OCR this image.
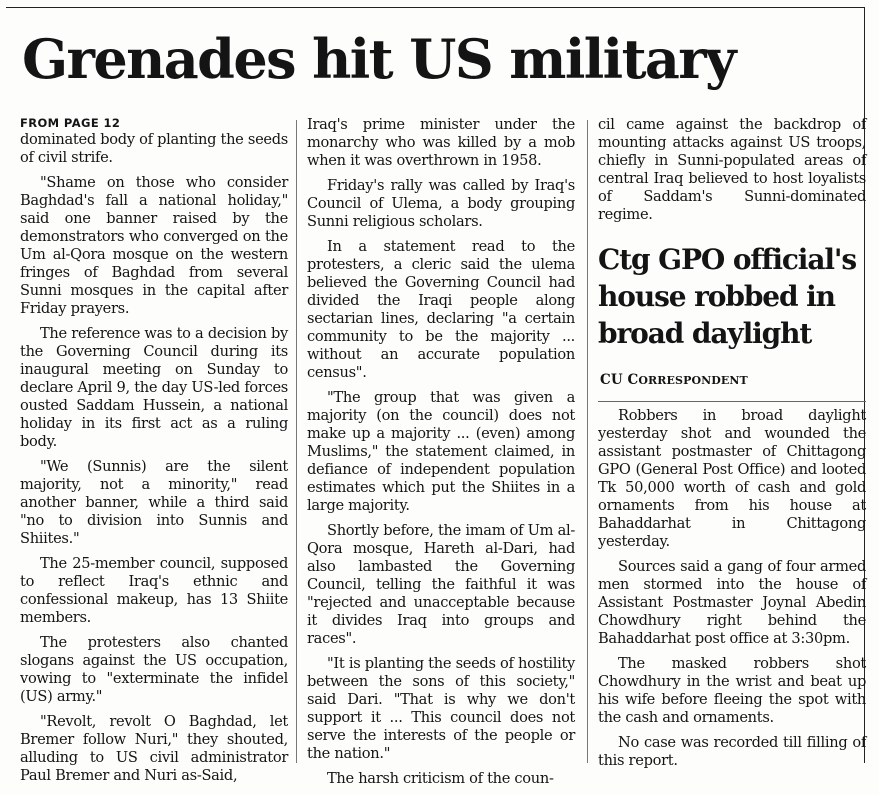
Grenades hit US military
FROM PAGE 12

dominated body of planting the seeds of civil strife.

"Shame on those who consider Baghdad's fall a national holiday," said one banner raised by the demonstrators who converged on the Um al-Qora mosque on the western fringes of Baghdad from several Sunni mosques in the capital after Friday prayers.

The reference was to a decision by the Governing Council during its inaugural meeting on Sunday to declare April 9, the day US-led forces ousted Saddam Hussein, a national holiday in its first act as a ruling body.

"We (Sunnis) are the silent majority, not a minority," read another banner, while a third said "no to division into Sunnis and Shiites."

The 25-member council, supposed to reflect Iraq's ethnic and confessional makeup, has 13 Shiite members.

The protesters also chanted slogans against the US occupation, vowing to "exterminate the infidel (US) army."

"Revolt, revolt O Baghdad, let Bremer follow Nuri," they shouted, alluding to US civil administrator Paul Bremer and Nuri as-Said,

Iraq's prime minister under the monarchy who was killed by a mob when it was overthrown in 1958.

Friday's rally was called by Iraq's Council of Ulema, a body grouping Sunni religious scholars.

In a statement read to the protesters, a cleric said the ulema believed the Governing Council had divided the Iraqi people along sectarian lines, declaring "a certain community to be the majority ... without an accurate population census".

"The group that was given a majority (on the council) does not make up a majority ... (even) among Muslims," the statement claimed, in defiance of independent population estimates which put the Shiites in a large majority.

Shortly before, the imam of Um al-Qora mosque, Hareth al-Dari, had also lambasted the Governing Council, telling the faithful it was "rejected and unacceptable because it divides Iraq into groups and races".

"It is planting the seeds of hostility between the sons of this society," said Dari. "That is why we don't support it ... This council does not serve the interests of the people or the nation."

The harsh criticism of the coun-

cil came against the backdrop of mounting attacks against US troops, chiefly in Sunni-populated areas of central Iraq believed to host loyalists of Saddam's Sunni-dominated regime.

Ctg GPO official's house robbed in broad daylight
CU CORRESPONDENT

Robbers in broad daylight yesterday shot and wounded the assistant postmaster of Chittagong GPO (General Post Office) and looted Tk 50,000 worth of cash and gold ornaments from his house at Bahaddarhat in Chittagong yesterday.

Sources said a gang of four armed men stormed into the house of Assistant Postmaster Joynal Abedin Chowdhury right behind the Bahaddarhat post office at 3:30pm.

The masked robbers shot Chowdhury in the wrist and beat up his wife before fleeing the spot with the cash and ornaments.

No case was recorded till filling of this report.
